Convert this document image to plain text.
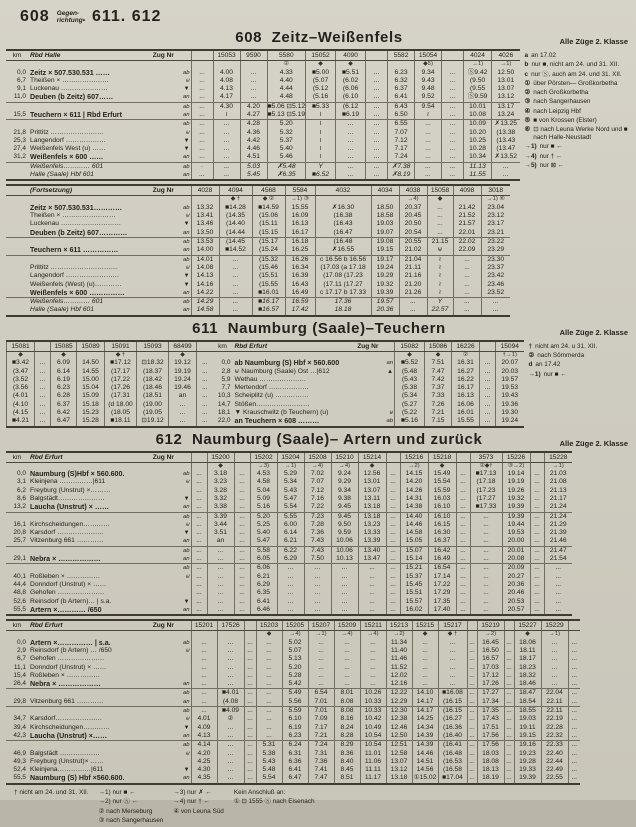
608 Gegen-
richtung• 611. 612
608 Zeitz–Weißenfels	Alle Züge 2. Klasse
km	Rbd Halle Zug Nr			15053	9590	5580	15052	4090		5582	15054		4024	4026
						②	◆	◆			◆5)		→1)	→1)
0,0	Zeitz × 507.530.531 ……	ab	...	4.00	...	4.33	■5.00	■5.51	...	6.23	9.34	...	Ⓢ9.42	12.50
6,7	Theißen × …………………	⊎	...	4.08	...	4.40	(5.07	(6.02	...	6.32	9.43	...	(9.50	13.01
9,1	Luckenau …………………	▼	...	4.13	...	4.44	(5.12	(6.06	...	6.37	9.48	...	(9.55	13.07
11,0	Deuben (b Zeitz) 607……	an	...	4.17	...	4.48	(5.16	(6.10	...	6.41	9.52	...	Ⓢ9.59	13.12
		ab	...	4.30	4.20	■5.06 ⊡5.12	■5.33	(6.12	...	6.43	9.54	...	10.01	13.17
15,5	Teuchern × 611 | Rbd Erfurt	an	...	≀	4.27	■5.13 ⊡5.19	≀	■6.19	...	6.50	≀	...	10.08	13.24
		ab	...	...	4.28	5.20	≀	...	...	6.55	...	...	10.09	✗13.25
21,8	Prittitz ……………………	⊎	...	...	4.36	5.32	≀	...	...	7.07	...	...	10.20	(13.38
25,3	Langendorf ………………	▼	...	...	4.42	5.37	≀	...	...	7.12	...	...	10.25	(13.43
27,4	Weißenfels West (u) ……	▼	...	...	4.46	5.40	≀	...	...	7.17	...	...	10.28	(13.47
31,2	Weißenfels × 600 ……	an	...	...	4.51	5.46	≀	...	...	7.24	...	...	10.34	✗13.52
	Weißenfels………… 601	ab	·	...	5.03	✗5.48	Y	...	...	✗7.38	...	...	11.13	...
	Halle (Saale) Hbf 601	an	...	...	5.45	✗6.35	■6.52	...	...	✗8.19	...	...	11.55	...

	(Fortsetzung) Zug Nr		4028	4094	4568	5584	4032	4034	4038	15058	4098	3018
				◆ †	◆ ②	→1) ③			→4)	◆		→1) ⑥
	Zeitz × 507.530.531…………	ab	13.32	■14.28	■14.59	15.55	✗16.30	18.50	20.37	...	21.42	23.04
	Theißen × ……………………	⊎	13.41	(14.35	(15.06	16.09	(16.38	18.58	20.45	...	21.52	23.12
	Luckenau ………………………	▼	13.46	(14.40	(15.11	16.13	(16.43	19.03	20.50	...	21.57	23.17
	Deuben (b Zeitz) 607…………	an	13.50	(14.44	(15.15	16.17	(16.47	19.07	20.54	...	22.01	23.21
		ab	13.53	(14.45	(15.17	16.18	(16.48	19.08	20.55	21.15	22.02	23.22
	Teuchern × 611 ……………	an	14.00	■14.52	(15.24	16.25	✗16.55	19.15	21.02	⊎	22.09	23.29
		ab	14.01	...	(15.32	16.26	c 16.56 b 16.56	19.17	21.04	≀	...	23.30
	Prittitz …………………………	⊎	14.08	...	(15.46	16.34	(17.03 (a 17.18	19.24	21.11	≀	...	23.37
	Langendorf ……………………	▼	14.13	...	(15.51	16.39	(17.08 (17.23	19.29	21.16	≀	...	23.42
	Weißenfels (West) (u)…………	▼	14.16	...	(15.55	16.43	(17.11 (17.27	19.32	21.20	≀	...	23.46
	Weißenfels × 600 ……………	an	14.22	...	■16.01	16.49	c 17.17 b 17.33	19.39	21.26	≀	...	23.52
	Weißenfels………… 601	ab	14.29	...	■16.17	16.59	17.36	19.57	...	Y	...	...
	Halle (Saale) Hbf 601	an	14.58	...	■16.57	17.42	18.18	20.36	...	22.57	...	...
a an 17.02
b nur ■, nicht am 24. und 31. XII.
c nur Ⓢ, auch am 24. und 31. XII.
① über Pörsten— Großkorbetha
② nach Großkorbetha
③ nach Sangerhausen
④ nach Leipzig Hbf
⑤ ■ von Krossen (Elster)
⑥ ⊡ nach Leuna Werke Nord und ■ nach Halle-Neustadt
→1) nur ■ ←
→4) nur † ←
→5) nur ⊠ ←
611 Naumburg (Saale)–Teuchern	Alle Züge 2. Klasse
15081		15085	15089	15091	15093	68499		km	Rbd Erfurt Zug Nr		15082	15086	16226		15094
◆		◆		◆ †		◆					◆	◆	②		†→1)
■3.42	...	6.09	14.50	■17.12	⊡18.32	19.12	...	0,0	ab Naumburg (S) Hbf × 560.600	an	■5.52	7.51	16.31	...	20.07
(3.47	...	6.14	14.55	(17.17	(18.37	19.19	...	2,8	⊎ Naumburg (Saale) Ost …|612	▲	(5.48	7.47	16.27	...	20.03
(3.52	...	6.19	15.00	(17.22	(18.42	19.24	...	5,9	Wethau …………………		(5.43	7.42	16.22	...	19.57
(3.56	...	6.23	15.04	(17.26	(18.46	19.46	...	7,7	Mertendorf ………………		(5.38	7.37	16.17	...	19.53
(4.01	...	6.28	15.09	(17.31	(18.51	an	...	10,3	Scheiplitz (u) ……………		(5.34	7.33	16.13	...	19.43
(4.10	...	6.37	15.18	(d 18.00	(19.00	...	...	14,7	Stößen……………………		(5.27	7.26	16.06	...	19.36
(4.15	...	6.42	15.23	(18.05	(19.05	...	...	18,1	▼ Krauschwitz (b Teuchern) (u)	⊎	(5.22	7.21	16.01	...	19.30
■4.21	...	6.47	15.28	■18.11	⊡19.12	...	...	22,0	an Teuchern × 608 ………	ab	■5.16	7.15	15.55	...	19.24
† nicht am 24. u 31. XII.
② nach Sömmerda
d an 17.42
→1) nur ■ ←
612 Naumburg (Saale)– Artern und zurück	Alle Züge 2. Klasse
km	Rbd Erfurt Zug Nr			15200		15202	15204	15208	15210	15214		15216	15218		3573	15226		15228
				◆		→3)	→1)	→4)	→4)	◆		→2)	◆		②◆†	③→2)		→1)
0,0	Naumburg (S)Hbf × 560.600.	ab	...	3.18	...	4.53	5.29	7.02	9.24	12.56	...	14.15	15.49	...	■17.13	19.14	...	21.03
3,1	Kleinjena ……………|611	⊎	...	3.23	...	4.58	5.34	7.07	9.29	13.01	...	14.20	15.54	...	(17.18	19.19	...	21.08
6,2	Freyburg (Unstrut) ×………		...	3.28	...	5.04	5.43	7.12	9.34	13.07	...	14.26	15.59	...	(17.23	19.26	...	21.13
8,6	Balgstädt…………………	▼	...	3.32	...	5.09	5.47	7.16	9.38	13.11	...	14.31	16.03	...	(17.27	19.32	...	21.17
13,2	Laucha (Unstrut) × ……	an	...	3.38	...	5.16	5.54	7.22	9.45	13.18	...	14.38	16.10	...	■17.33	19.39	...	21.24
		ab	...	3.39	...	5.20	5.55	7.23	9.45	13.18	...	14.40	16.10	...	...	19.39	...	21.24
16,1	Kirchscheidungen…………	⊎	...	3.44	...	5.25	6.00	7.28	9.50	13.23	...	14.46	16.15	...	...	19.44	...	21.29
20,8	Karsdorf …………………	▼	...	3.51	...	5.40	6.14	7.36	9.59	13.33	...	14.58	16.30	...	...	19.53	...	21.39
25,7	Vitzenburg 661 …………	an	...	an	...	5.47	6.21	7.43	10.06	13.39	...	15.05	16.37	...	...	20.00	...	21.46
		ab	...	...	...	5.58	6.22	7.43	10.06	13.40	...	15.07	16.42	...	...	20.01	...	21.47
29,1	Nebra × ………………	an	...	...	...	6.05	6.29	7.50	10.13	13.47	...	15.14	16.49	...	...	20.08	...	21.54
		ab	...	...	...	6.06	...	...	...	...	...	15.21	16.54	...	...	20.09	...	...
40,1	Roßleben × ……………	⊎	...	...	...	6.21	...	...	...	...	...	15.37	17.14	...	...	20.27	...	...
44,4	Donndorf (Unstrut) × ……		...	...	...	6.29	...	...	...	...	...	15.45	17.22	...	...	20.36	...	...
48,8	Gehofen …………………		...	...	...	6.35	...	...	...	...	...	15.51	17.29	...	...	20.46	...	...
52,6	Reinsdorf (b Artern)… | s.a.	▼	...	...	...	6.41	...	...	...	...	...	15.57	17.35	...	...	20.53	...	...
55,5	Artern ×………… /650	an	...	...	...	6.46	...	...	...	...	...	16.02	17.40	...	...	20.57	...	...
km	Rbd Erfurt Zug Nr		15201	17526		15203	15205	15207	15209	15211	15213	15215	15217		15219		15227	15229	
						◆	→4)	→1)	→4)	→4)	→2)	◆	◆ †		→2)		◆	→1)	
0,0	Artern ×…………… | s.a.	ab	...	...	...	...	5.02	...	...	...	11.34	...	...	...	16.45	...	18.06	...	...
2,9	Reinsdorf (b Artern) … /650	⊎	...	...	...	...	5.07	...	...	...	11.40	...	...	...	16.50	...	18.11	...	...
6,7	Gehofen …………………		...	...	...	...	5.13	...	...	...	11.46	...	...	...	16.57	...	18.17	...	...
11,1	Donndorf (Unstrut) × ……		...	...	...	...	5.20	...	...	...	11.52	...	...	...	17.03	...	18.23	...	...
15,4	Roßleben × ……………		...	...	...	...	5.28	...	...	...	12.02	...	...	...	17.12	...	18.32	...	...
26,4	Nebra × ………………	an	...	...	...	...	5.42	...	...	...	12.16	...	...	...	17.26	...	18.46	...	...
		ab	...	■4.01	...	...	5.49	6.54	8.01	10.26	12.22	14.10	■16.08	...	17.27	...	18.47	22.04	...
29,8	Vitzenburg 661 …………	an	...	(4.08	...	...	5.56	7.01	8.08	10.33	12.29	14.17	(16.15	...	17.34	...	18.54	22.11	...
		ab	...	■4.09	...	...	5.59	7.01	8.08	10.33	12.30	14.17	(16.15	...	17.35	...	18.55	22.11	...
34,7	Karsdorf…………………	⊎	4.01	②	...	...	6.10	7.09	8.16	10.42	12.38	14.25	(16.27	...	17.43	...	19.03	22.19	...
39,4	Kirchscheidungen…………	▼	4.09	...	...	...	6.19	7.17	8.24	10.49	12.46	14.34	(16.36	...	17.51	...	19.11	22.28	...
42,3	Laucha (Unstrut) ×……	an	4.13	...	...	...	6.23	7.21	8.28	10.54	12.50	14.39	(16.40	...	17.56	...	19.15	22.32	...
		ab	4.14	...	...	5.31	6.24	7.24	8.29	10.54	12.51	14.39	(16.41	...	17.56	...	19.16	22.33	...
46,9	Balgstädt ………………	⊎	4.20	...	...	5.38	6.31	7.31	8.36	11.01	12.58	14.46	(16.48	...	18.03	...	19.23	22.40	...
49,3	Freyburg (Unstrut)× ……		4.25	...	...	5.43	6.36	7.36	8.40	11.06	13.07	14.51	(16.53	...	18.08	...	19.28	22.44	...
52,4	Kleinjena……………|611	▼	4.30	...	...	5.48	6.41	7.41	8.45	11.11	13.12	14.56	(16.58	...	18.13	...	19.33	22.49	...
55,5	Naumburg (S) Hbf ×560.600.	an	4.35	...	...	5.54	6.47	7.47	8.51	11.17	13.18	①15.02	■17.04	...	18.19	...	19.39	22.55	...
† nicht am 24. und 31. XII. →1) nur ■ ←
→2) nur Ⓢ ←
② nach Merseburg
③ nach Sangerhausen
→3) nur ✗ ←
→4) nur † ←
④ von Leuna Süd
Kein Anschluß an:
① ⊡ 1555 Ⓢ nach Eisenach
